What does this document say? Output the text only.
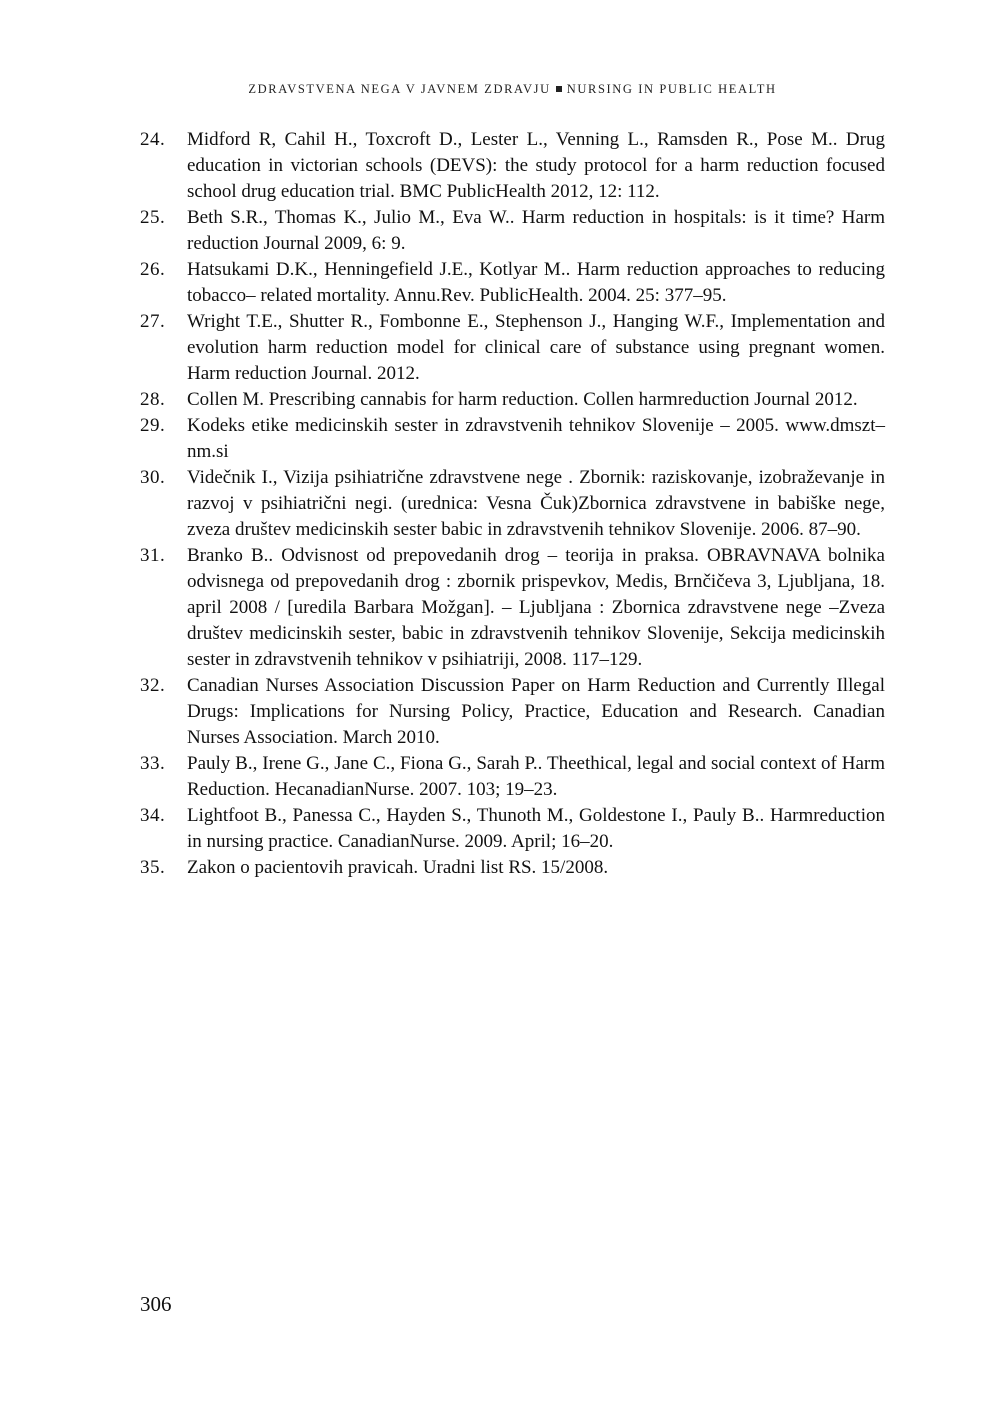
ZDRAVSTVENA NEGA V JAVNEM ZDRAVJU NURSING IN PUBLIC HEALTH
24.	Midford R, Cahil H., Toxcroft D., Lester L., Venning L., Ramsden R., Pose M.. Drug education in victorian schools (DEVS): the study protocol for a harm reduction focused school drug education trial. BMC PublicHealth 2012, 12: 112.
25.	Beth S.R., Thomas K., Julio M., Eva W.. Harm reduction in hospitals: is it time? Harm reduction Journal 2009, 6: 9.
26.	Hatsukami D.K., Henningefield J.E., Kotlyar M.. Harm reduction approaches to reducing tobacco– related mortality. Annu.Rev. PublicHealth. 2004. 25: 377–95.
27.	Wright T.E., Shutter R., Fombonne E., Stephenson J., Hanging W.F., Implementation and evolution harm reduction model for clinical care of substance using pregnant women. Harm reduction Journal. 2012.
28.	Collen M. Prescribing cannabis for harm reduction. Collen harmreduction Journal 2012.
29.	Kodeks etike medicinskih sester in zdravstvenih tehnikov Slovenije – 2005. www.dmszt–nm.si
30.	Videčnik I., Vizija psihiatrične zdravstvene nege . Zbornik: raziskovanje, izobraževanje in razvoj v psihiatrični negi. (urednica: Vesna Čuk)Zbornica zdravstvene in babiške nege, zveza društev medicinskih sester babic in zdravstvenih tehnikov Slovenije. 2006. 87–90.
31.	Branko B.. Odvisnost od prepovedanih drog – teorija in praksa. OBRAVNAVA bolnika odvisnega od prepovedanih drog : zbornik prispevkov, Medis, Brnčičeva 3, Ljubljana, 18. april 2008 / [uredila Barbara Možgan]. – Ljubljana : Zbornica zdravstvene nege –Zveza društev medicinskih sester, babic in zdravstvenih tehnikov Slovenije, Sekcija medicinskih sester in zdravstvenih tehnikov v psihiatriji, 2008. 117–129.
32.	Canadian Nurses Association Discussion Paper on Harm Reduction and Currently Illegal Drugs: Implications for Nursing Policy, Practice, Education and Research. Canadian Nurses Association. March 2010.
33.	Pauly B., Irene G., Jane C., Fiona G., Sarah P.. Theethical, legal and social context of Harm Reduction. HecanadianNurse. 2007. 103; 19–23.
34.	Lightfoot B., Panessa C., Hayden S., Thunoth M., Goldestone I., Pauly B.. Harmreduction in nursing practice. CanadianNurse. 2009. April; 16–20.
35.	Zakon o pacientovih pravicah. Uradni list RS. 15/2008.
306
